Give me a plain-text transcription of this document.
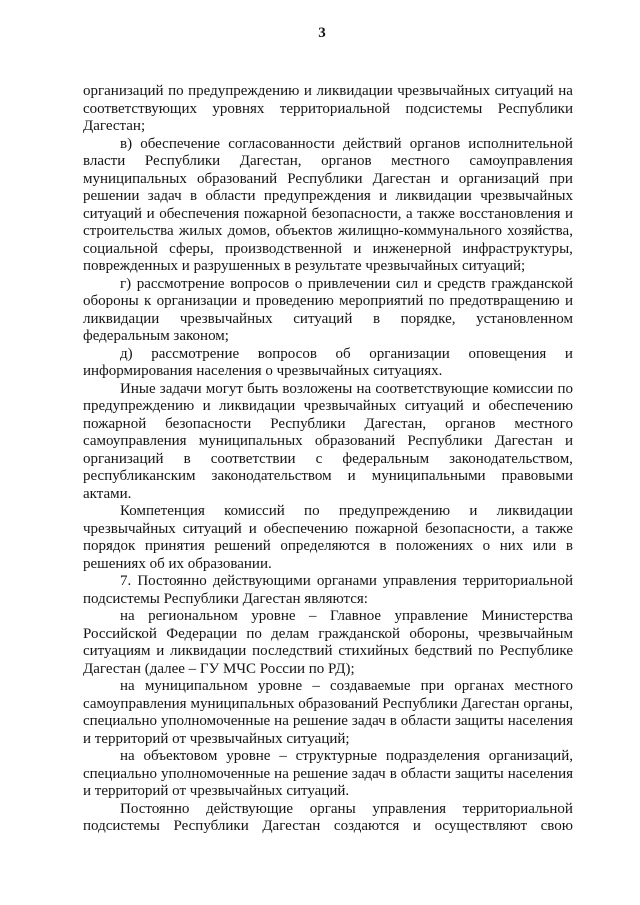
3
организаций по предупреждению и ликвидации чрезвычайных ситуаций на
соответствующих уровнях территориальной подсистемы Республики
Дагестан;
в) обеспечение согласованности действий органов исполнительной
власти Республики Дагестан, органов местного самоуправления
муниципальных образований Республики Дагестан и организаций при
решении задач в области предупреждения и ликвидации чрезвычайных
ситуаций и обеспечения пожарной безопасности, а также восстановления и
строительства жилых домов, объектов жилищно-коммунального хозяйства,
социальной сферы, производственной и инженерной инфраструктуры,
поврежденных и разрушенных в результате чрезвычайных ситуаций;
г) рассмотрение вопросов о привлечении сил и средств гражданской
обороны к организации и проведению мероприятий по предотвращению и
ликвидации чрезвычайных ситуаций в порядке, установленном
федеральным законом;
д) рассмотрение вопросов об организации оповещения и
информирования населения о чрезвычайных ситуациях.
Иные задачи могут быть возложены на соответствующие комиссии по
предупреждению и ликвидации чрезвычайных ситуаций и обеспечению
пожарной безопасности Республики Дагестан, органов местного
самоуправления муниципальных образований Республики Дагестан и
организаций в соответствии с федеральным законодательством,
республиканским законодательством и муниципальными правовыми
актами.
Компетенция комиссий по предупреждению и ликвидации
чрезвычайных ситуаций и обеспечению пожарной безопасности, а также
порядок принятия решений определяются в положениях о них или в
решениях об их образовании.
7. Постоянно действующими органами управления территориальной
подсистемы Республики Дагестан являются:
на региональном уровне – Главное управление Министерства
Российской Федерации по делам гражданской обороны, чрезвычайным
ситуациям и ликвидации последствий стихийных бедствий по Республике
Дагестан (далее – ГУ МЧС России по РД);
на муниципальном уровне – создаваемые при органах местного
самоуправления муниципальных образований Республики Дагестан органы,
специально уполномоченные на решение задач в области защиты населения
и территорий от чрезвычайных ситуаций;
на объектовом уровне – структурные подразделения организаций,
специально уполномоченные на решение задач в области защиты населения
и территорий от чрезвычайных ситуаций.
Постоянно действующие органы управления территориальной
подсистемы Республики Дагестан создаются и осуществляют свою
